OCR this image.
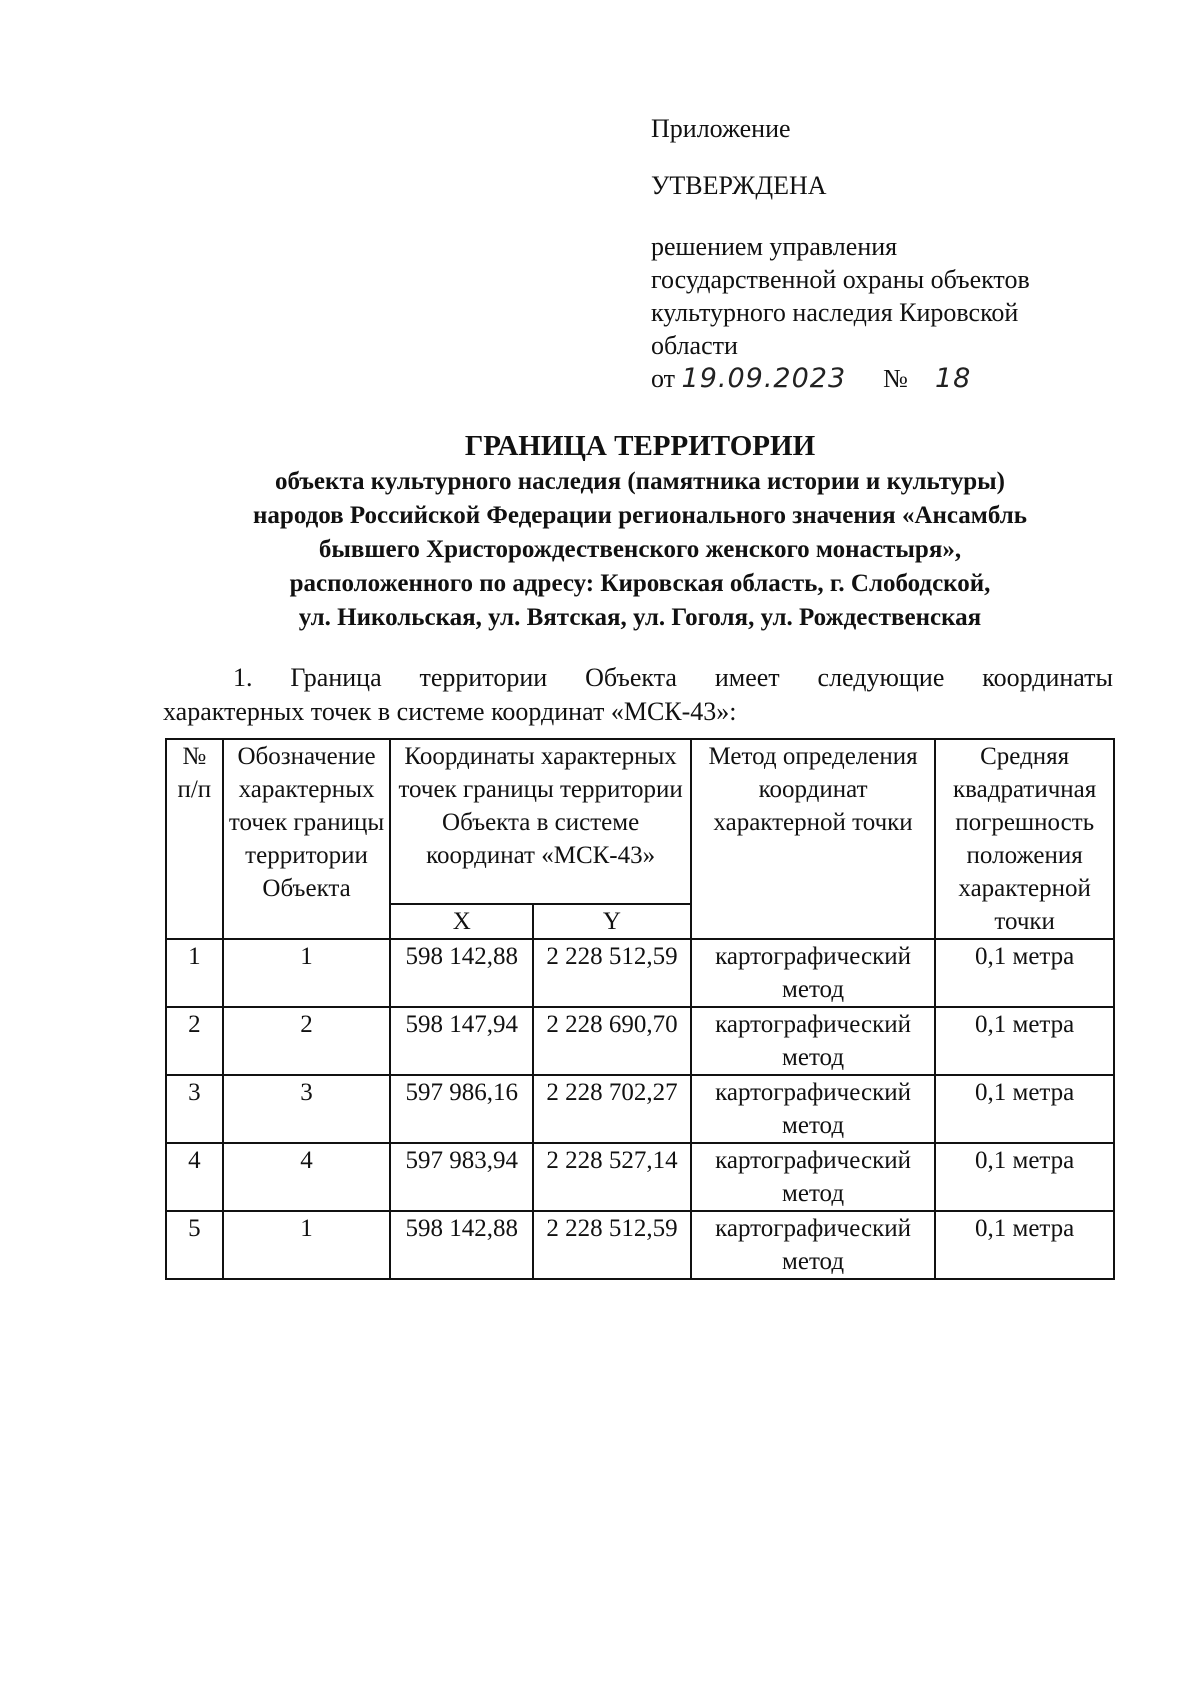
Приложение
УТВЕРЖДЕНА
решением управления
государственной охраны объектов
культурного наследия Кировской
области
от 19.09.2023 № 18
ГРАНИЦА ТЕРРИТОРИИ
объекта культурного наследия (памятника истории и культуры)
народов Российской Федерации регионального значения «Ансамбль
бывшего Христорождественского женского монастыря»,
расположенного по адресу: Кировская область, г. Слободской,
ул. Никольская, ул. Вятская, ул. Гоголя, ул. Рождественская
1. Граница территории Объекта имеет следующие координаты
характерных точек в системе координат «МСК-43»:
№ п/п	Обозначение характерных точек границы территории Объекта	Координаты характерных точек границы территории Объекта в системе координат «МСК-43»		Метод определения координат характерной точки	Средняя квадратичная погрешность положения характерной точки
		X	Y		
1	1	598 142,88	2 228 512,59	картографический метод	0,1 метра
2	2	598 147,94	2 228 690,70	картографический метод	0,1 метра
3	3	597 986,16	2 228 702,27	картографический метод	0,1 метра
4	4	597 983,94	2 228 527,14	картографический метод	0,1 метра
5	1	598 142,88	2 228 512,59	картографический метод	0,1 метра
